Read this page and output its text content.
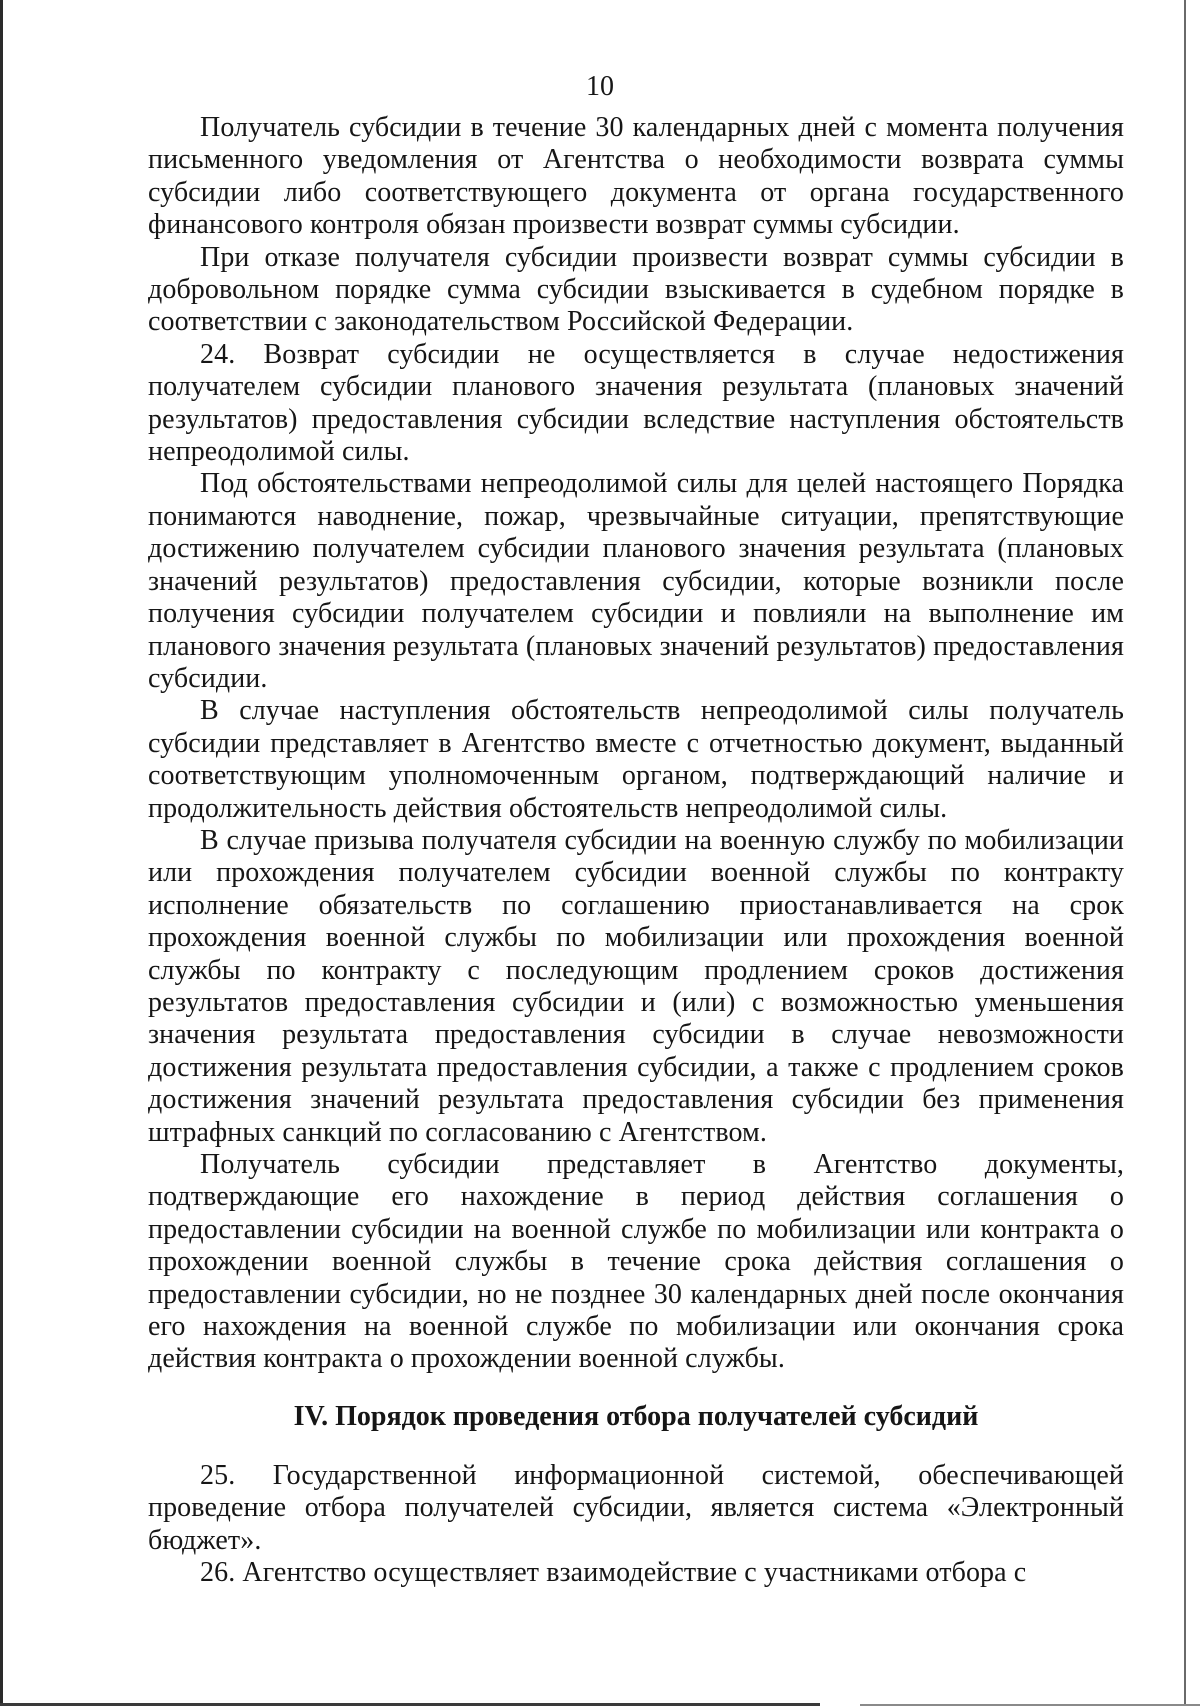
10

Получатель субсидии в течение 30 календарных дней с момента получения письменного уведомления от Агентства о необходимости возврата суммы субсидии либо соответствующего документа от органа государственного финансового контроля обязан произвести возврат суммы субсидии.

При отказе получателя субсидии произвести возврат суммы субсидии в добровольном порядке сумма субсидии взыскивается в судебном порядке в соответствии с законодательством Российской Федерации.

24. Возврат субсидии не осуществляется в случае недостижения получателем субсидии планового значения результата (плановых значений результатов) предоставления субсидии вследствие наступления обстоятельств непреодолимой силы.

Под обстоятельствами непреодолимой силы для целей настоящего Порядка понимаются наводнение, пожар, чрезвычайные ситуации, препятствующие достижению получателем субсидии планового значения результата (плановых значений результатов) предоставления субсидии, которые возникли после получения субсидии получателем субсидии и повлияли на выполнение им планового значения результата (плановых значений результатов) предоставления субсидии.

В случае наступления обстоятельств непреодолимой силы получатель субсидии представляет в Агентство вместе с отчетностью документ, выданный соответствующим уполномоченным органом, подтверждающий наличие и продолжительность действия обстоятельств непреодолимой силы.

В случае призыва получателя субсидии на военную службу по мобилизации или прохождения получателем субсидии военной службы по контракту исполнение обязательств по соглашению приостанавливается на срок прохождения военной службы по мобилизации или прохождения военной службы по контракту с последующим продлением сроков достижения результатов предоставления субсидии и (или) с возможностью уменьшения значения результата предоставления субсидии в случае невозможности достижения результата предоставления субсидии, а также с продлением сроков достижения значений результата предоставления субсидии без применения штрафных санкций по согласованию с Агентством.

Получатель субсидии представляет в Агентство документы, подтверждающие его нахождение в период действия соглашения о предоставлении субсидии на военной службе по мобилизации или контракта о прохождении военной службы в течение срока действия соглашения о предоставлении субсидии, но не позднее 30 календарных дней после окончания его нахождения на военной службе по мобилизации или окончания срока действия контракта о прохождении военной службы.

IV. Порядок проведения отбора получателей субсидий

25. Государственной информационной системой, обеспечивающей проведение отбора получателей субсидии, является система «Электронный бюджет».

26. Агентство осуществляет взаимодействие с участниками отбора с
